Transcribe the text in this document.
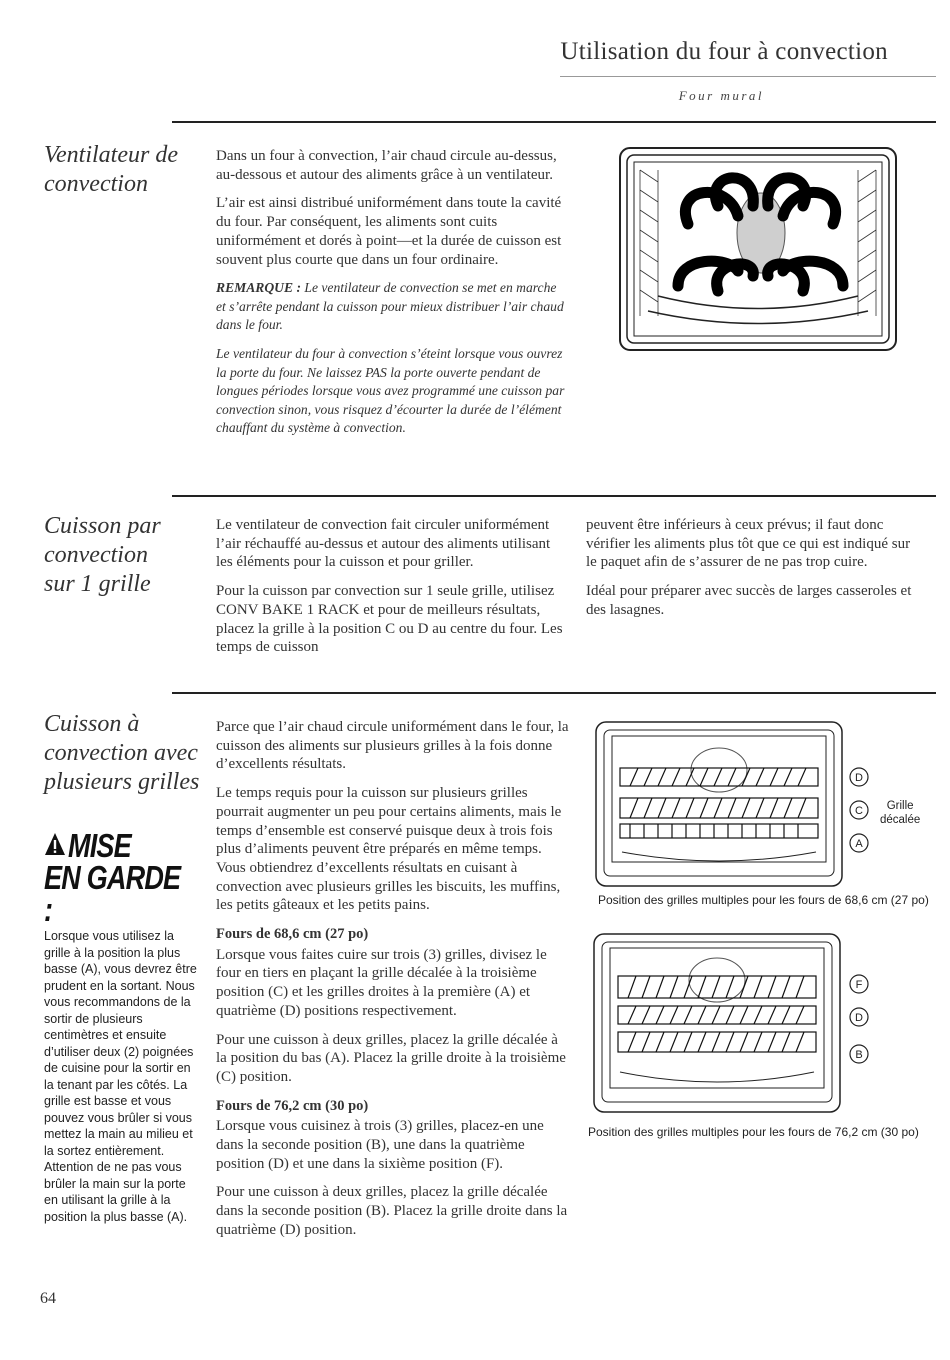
Utilisation du four à convection
Four mural
Ventilateur de
convection

Dans un four à convection, l’air chaud circule au-dessus, au-dessous et autour des aliments grâce à un ventilateur.

L’air est ainsi distribué uniformément dans toute la cavité du four. Par conséquent, les aliments sont cuits uniformément et dorés à point—et la durée de cuisson est souvent plus courte que dans un four ordinaire.

REMARQUE : Le ventilateur de convection se met en marche et s’arrête pendant la cuisson pour mieux distribuer l’air chaud dans le four.

Le ventilateur du four à convection s’éteint lorsque vous ouvrez la porte du four. Ne laissez PAS la porte ouverte pendant de longues périodes lorsque vous avez programmé une cuisson par convection sinon, vous risquez d’écourter la durée de l’élément chauffant du système à convection.

Cuisson par
convection
sur 1 grille

Le ventilateur de convection fait circuler uniformément l’air réchauffé au-dessus et autour des aliments utilisant les éléments pour la cuisson et pour griller.

Pour la cuisson par convection sur 1 seule grille, utilisez CONV BAKE 1 RACK et pour de meilleurs résultats, placez la grille à la position C ou D au centre du four. Les temps de cuisson

peuvent être inférieurs à ceux prévus; il faut donc vérifier les aliments plus tôt que ce qui est indiqué sur le paquet afin de s’assurer de ne pas trop cuire.

Idéal pour préparer avec succès de larges casseroles et des lasagnes.

Cuisson à
convection avec
plusieurs grilles
MISE
EN GARDE :
Lorsque vous utilisez la grille à la position la plus basse (A), vous devrez être prudent en la sortant. Nous vous recommandons de la sortir de plusieurs centimètres et ensuite d’utiliser deux (2) poignées de cuisine pour la sortir en la tenant par les côtés. La grille est basse et vous pouvez vous brûler si vous mettez la main au milieu et la sortez entièrement. Attention de ne pas vous brûler la main sur la porte en utilisant la grille à la position la plus basse (A).

Parce que l’air chaud circule uniformément dans le four, la cuisson des aliments sur plusieurs grilles à la fois donne d’excellents résultats.

Le temps requis pour la cuisson sur plusieurs grilles pourrait augmenter un peu pour certains aliments, mais le temps d’ensemble est conservé puisque deux à trois fois plus d’aliments peuvent être préparés en même temps. Vous obtiendrez d’excellents résultats en cuisant à convection avec plusieurs grilles les biscuits, les muffins, les petits gâteaux et les petits pains.

Fours de 68,6 cm (27 po)

Lorsque vous faites cuire sur trois (3) grilles, divisez le four en tiers en plaçant la grille décalée à la troisième position (C) et les grilles droites à la première (A) et quatrième (D) positions respectivement.

Pour une cuisson à deux grilles, placez la grille décalée à la position du bas (A). Placez la grille droite à la troisième (C) position.

Fours de 76,2 cm (30 po)

Lorsque vous cuisinez à trois (3) grilles, placez-en une dans la seconde position (B), une dans la quatrième position (D) et une dans la sixième position (F).

Pour une cuisson à deux grilles, placez la grille décalée dans la seconde position (B). Placez la grille droite dans la quatrième (D) position.

D
C
A
Grille
décalée
Position des grilles multiples pour les fours de 68,6 cm (27 po)
F
D
B
Position des grilles multiples pour les fours de 76,2 cm (30 po)
64
